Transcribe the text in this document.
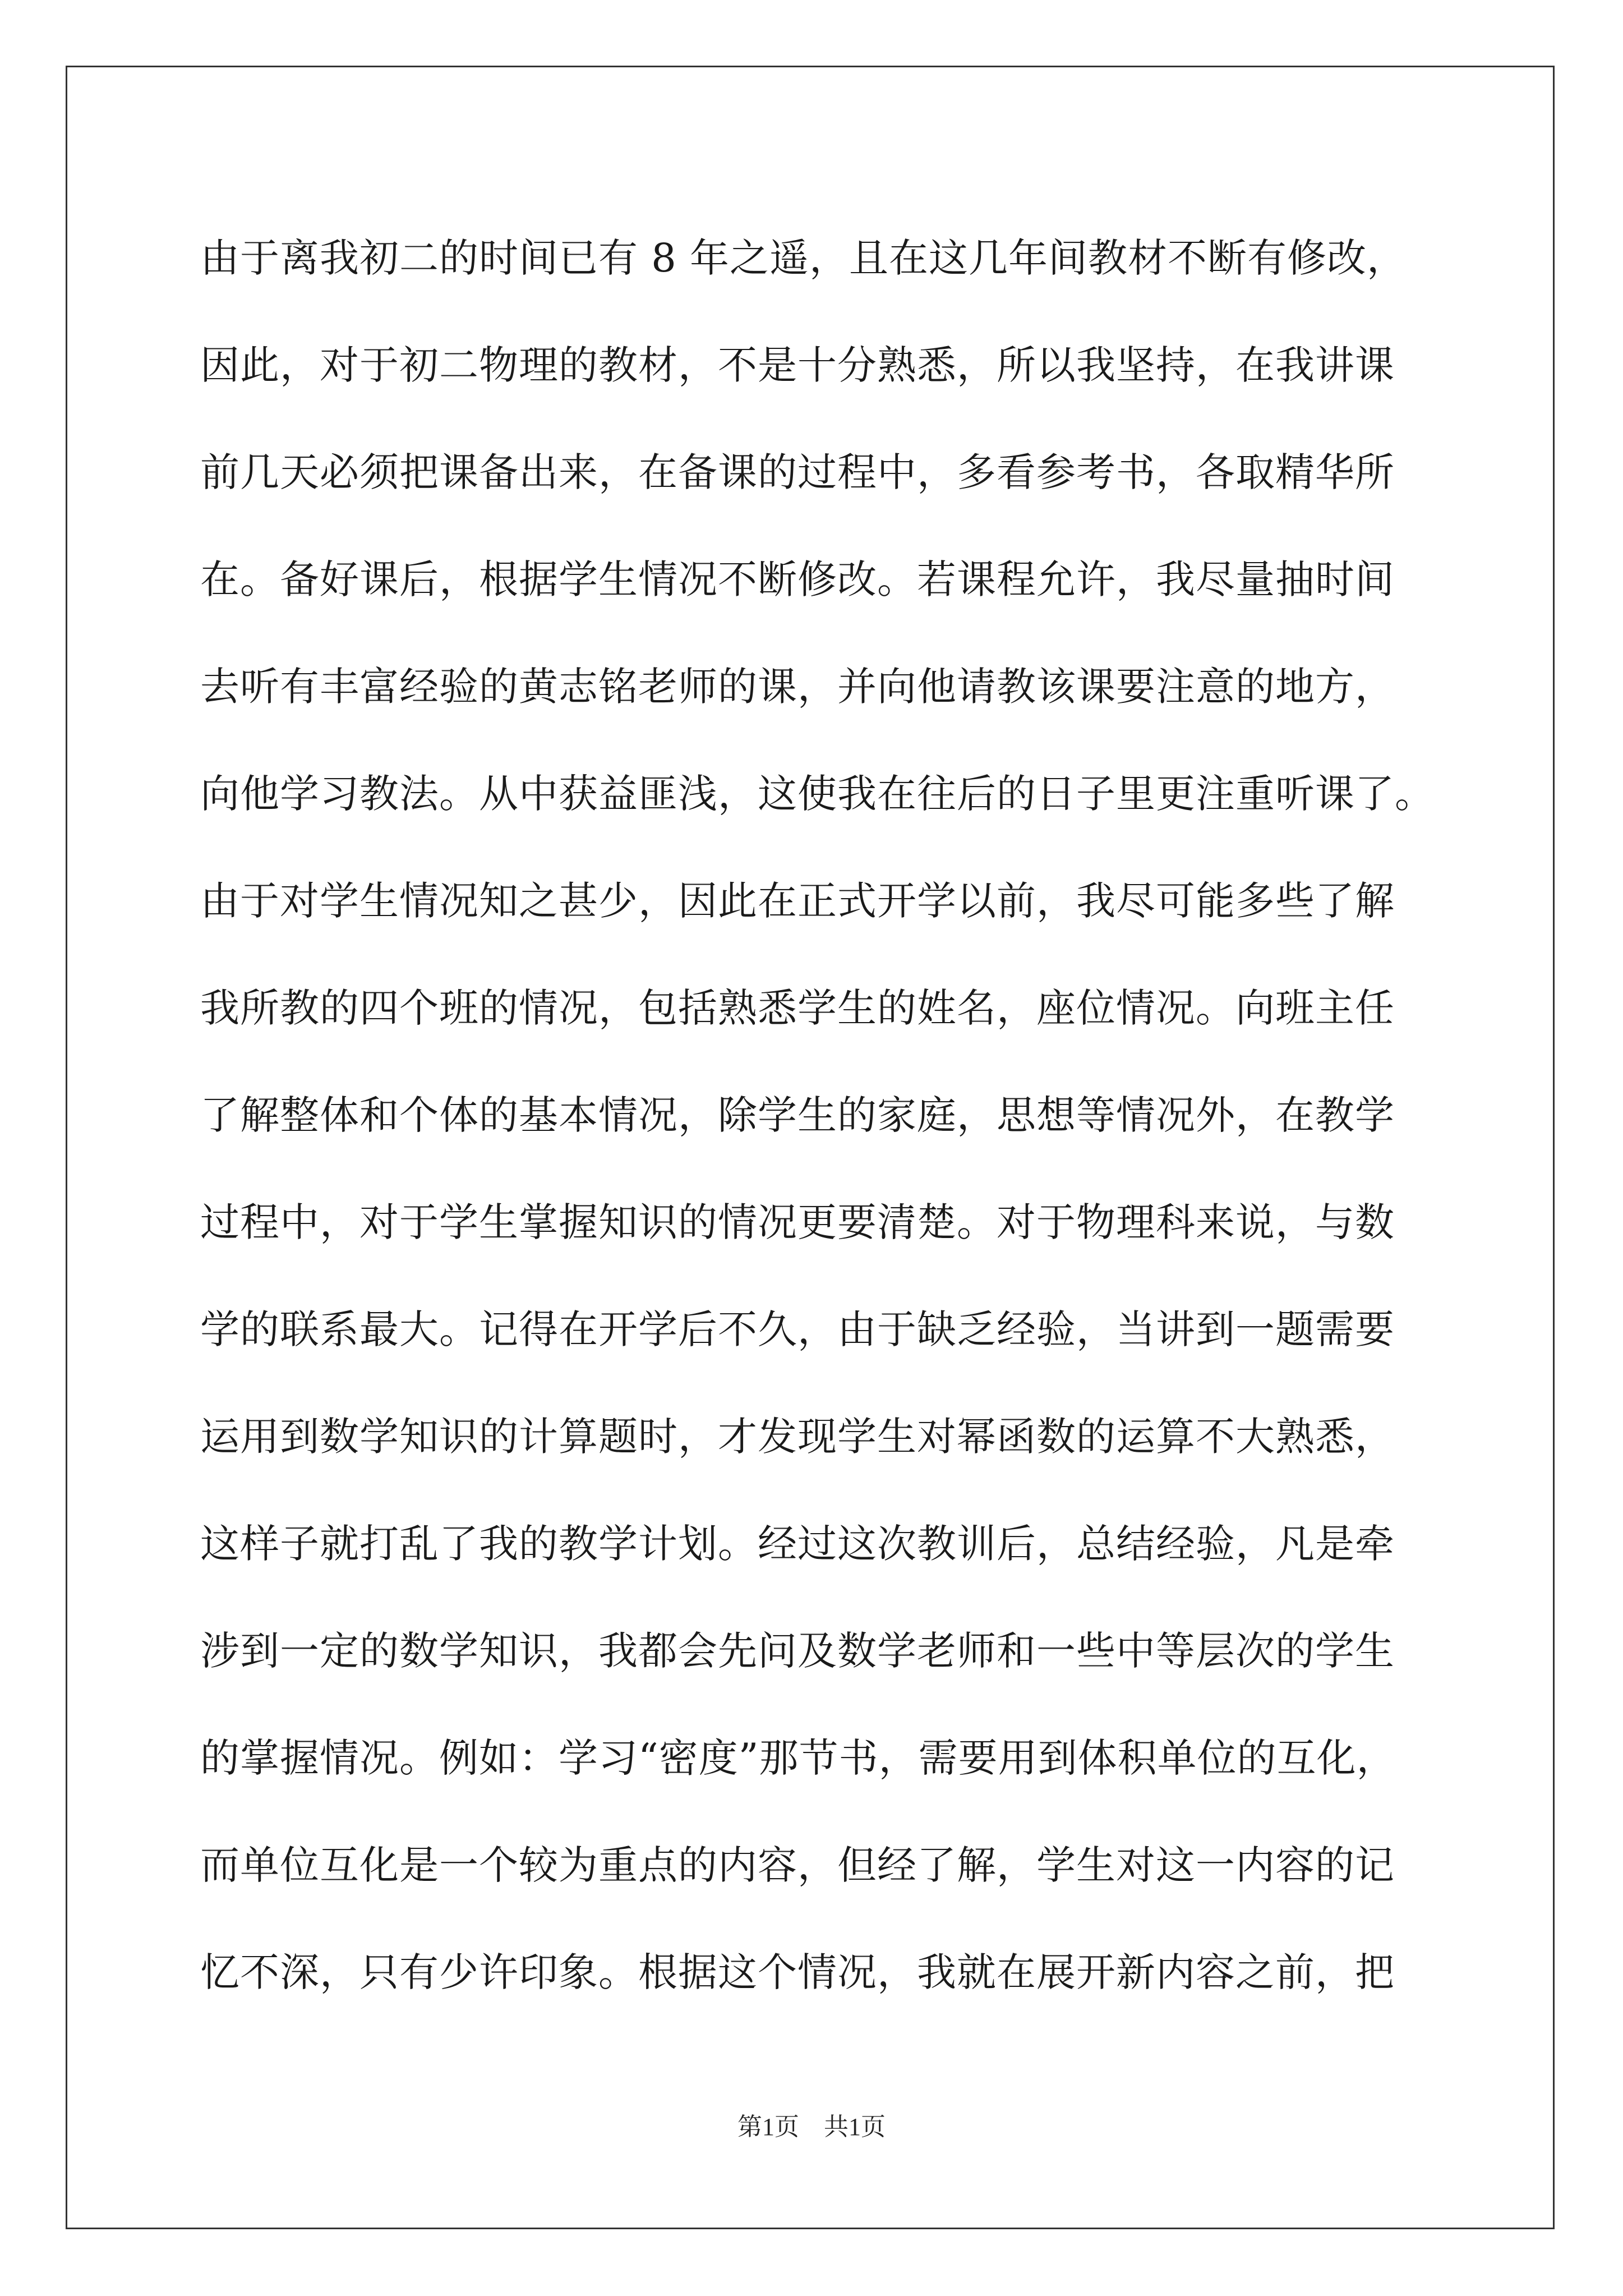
由于离我初二的时间已有 8 年之遥，且在这几年间教材不断有修改，
因此，对于初二物理的教材，不是十分熟悉，所以我坚持，在我讲课
前几天必须把课备出来，在备课的过程中，多看参考书，各取精华所
在。备好课后，根据学生情况不断修改。若课程允许，我尽量抽时间
去听有丰富经验的黄志铭老师的课，并向他请教该课要注意的地方，
向他学习教法。从中获益匪浅，这使我在往后的日子里更注重听课了。
由于对学生情况知之甚少，因此在正式开学以前，我尽可能多些了解
我所教的四个班的情况，包括熟悉学生的姓名，座位情况。向班主任
了解整体和个体的基本情况，除学生的家庭，思想等情况外，在教学
过程中，对于学生掌握知识的情况更要清楚。对于物理科来说，与数
学的联系最大。记得在开学后不久，由于缺乏经验，当讲到一题需要
运用到数学知识的计算题时，才发现学生对幂函数的运算不大熟悉，
这样子就打乱了我的教学计划。经过这次教训后，总结经验，凡是牵
涉到一定的数学知识，我都会先问及数学老师和一些中等层次的学生
的掌握情况。例如：学习“密度”那节书，需要用到体积单位的互化，
而单位互化是一个较为重点的内容，但经了解，学生对这一内容的记
忆不深，只有少许印象。根据这个情况，我就在展开新内容之前，把
第1页　共1页
